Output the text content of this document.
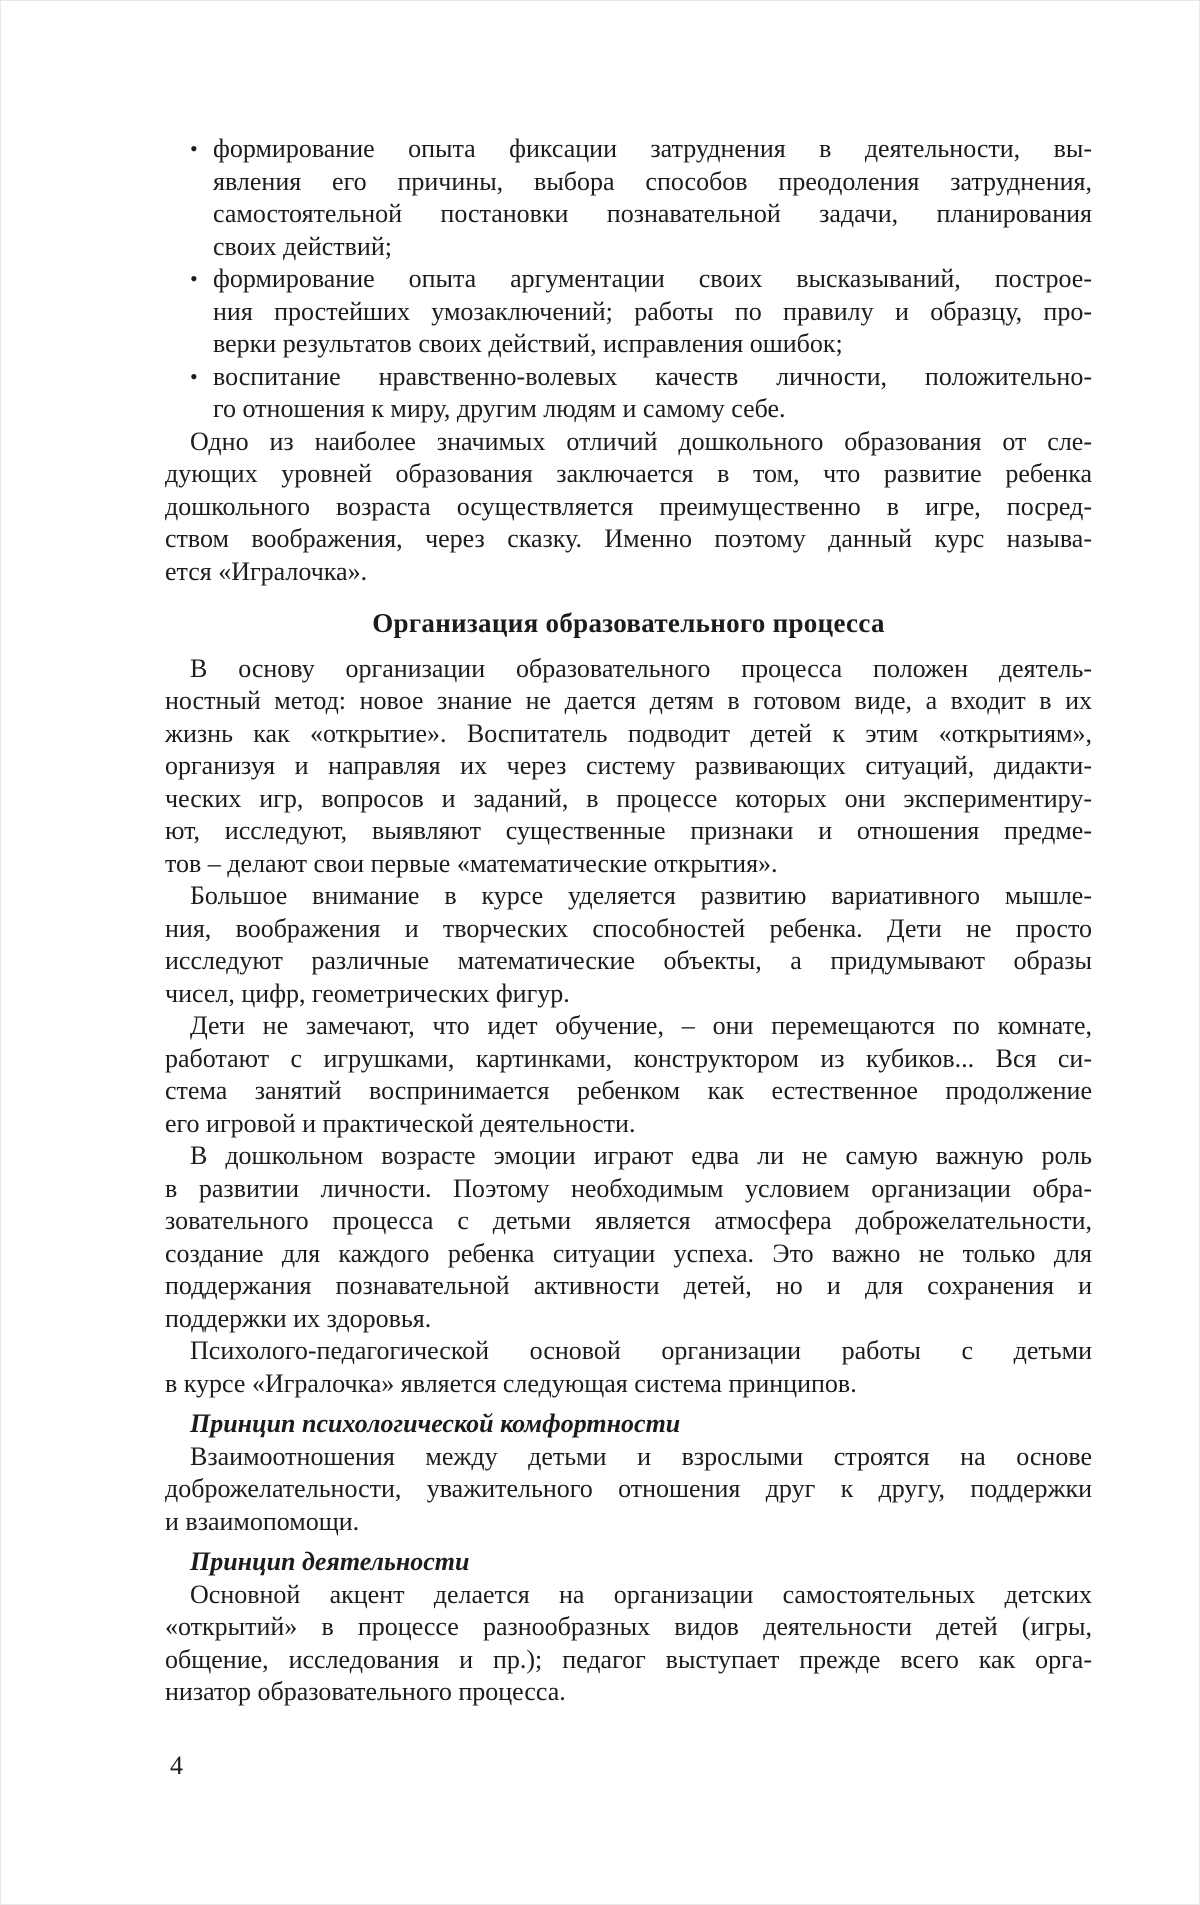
• формирование опыта фиксации затруднения в деятельности, вы-
явления его причины, выбора способов преодоления затруднения,
самостоятельной постановки познавательной задачи, планирования
своих действий;
• формирование опыта аргументации своих высказываний, построе-
ния простейших умозаключений; работы по правилу и образцу, про-
верки результатов своих действий, исправления ошибок;
• воспитание нравственно-волевых качеств личности, положительно-
го отношения к миру, другим людям и самому себе.
Одно из наиболее значимых отличий дошкольного образования от сле-
дующих уровней образования заключается в том, что развитие ребенка
дошкольного возраста осуществляется преимущественно в игре, посред-
ством воображения, через сказку. Именно поэтому данный курс называ-
ется «Игралочка».
Организация образовательного процесса
В основу организации образовательного процесса положен деятель-
ностный метод: новое знание не дается детям в готовом виде, а входит в их
жизнь как «открытие». Воспитатель подводит детей к этим «открытиям»,
организуя и направляя их через систему развивающих ситуаций, дидакти-
ческих игр, вопросов и заданий, в процессе которых они экспериментиру-
ют, исследуют, выявляют существенные признаки и отношения предме-
тов – делают свои первые «математические открытия».
Большое внимание в курсе уделяется развитию вариативного мышле-
ния, воображения и творческих способностей ребенка. Дети не просто
исследуют различные математические объекты, а придумывают образы
чисел, цифр, геометрических фигур.
Дети не замечают, что идет обучение, – они перемещаются по комнате,
работают с игрушками, картинками, конструктором из кубиков... Вся си-
стема занятий воспринимается ребенком как естественное продолжение
его игровой и практической деятельности.
В дошкольном возрасте эмоции играют едва ли не самую важную роль
в развитии личности. Поэтому необходимым условием организации обра-
зовательного процесса с детьми является атмосфера доброжелательности,
создание для каждого ребенка ситуации успеха. Это важно не только для
поддержания познавательной активности детей, но и для сохранения и
поддержки их здоровья.
Психолого-педагогической основой организации работы с детьми
в курсе «Игралочка» является следующая система принципов.
Принцип психологической комфортности
Взаимоотношения между детьми и взрослыми строятся на основе
доброжелательности, уважительного отношения друг к другу, поддержки
и взаимопомощи.
Принцип деятельности
Основной акцент делается на организации самостоятельных детских
«открытий» в процессе разнообразных видов деятельности детей (игры,
общение, исследования и пр.); педагог выступает прежде всего как орга-
низатор образовательного процесса.
4
